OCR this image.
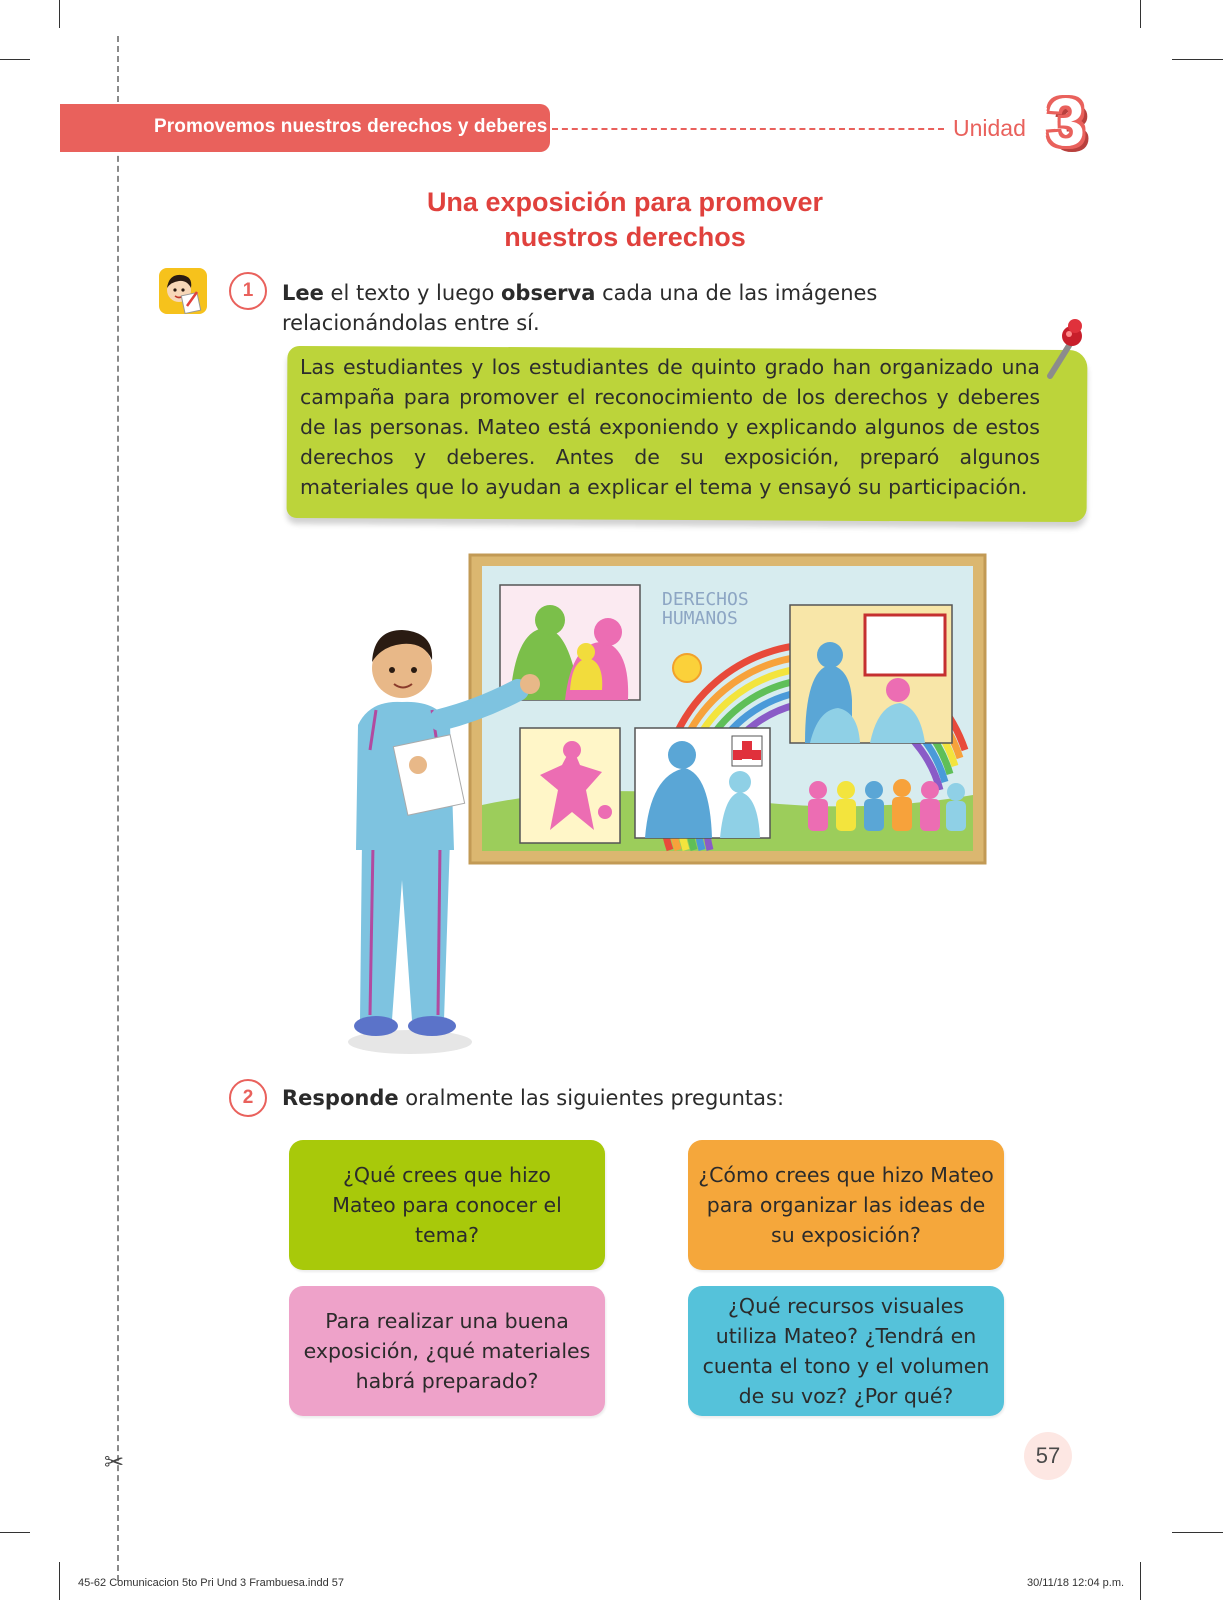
✂
Promovemos nuestros derechos y deberes	Unidad 3
Una exposición para promover
nuestros derechos
1	Lee el texto y luego observa cada una de las imágenes relacionándolas entre sí.
Las estudiantes y los estudiantes de quinto grado han organizado una campaña para promover el reconocimiento de los derechos y deberes de las personas. Mateo está exponiendo y explicando algunos de estos derechos y deberes. Antes de su exposición, preparó algunos materiales que lo ayudan a explicar el tema y ensayó su participación.
DERECHOS
HUMANOS
2	Responde oralmente las siguientes preguntas:
¿Qué crees que hizo Mateo para conocer el tema?
¿Cómo crees que hizo Mateo para organizar las ideas de su exposición?
Para realizar una buena exposición, ¿qué materiales habrá preparado?
¿Qué recursos visuales utiliza Mateo? ¿Tendrá en cuenta el tono y el volumen de su voz? ¿Por qué?
57
45-62 Comunicacion 5to Pri Und 3 Frambuesa.indd 57	30/11/18 12:04 p.m.
